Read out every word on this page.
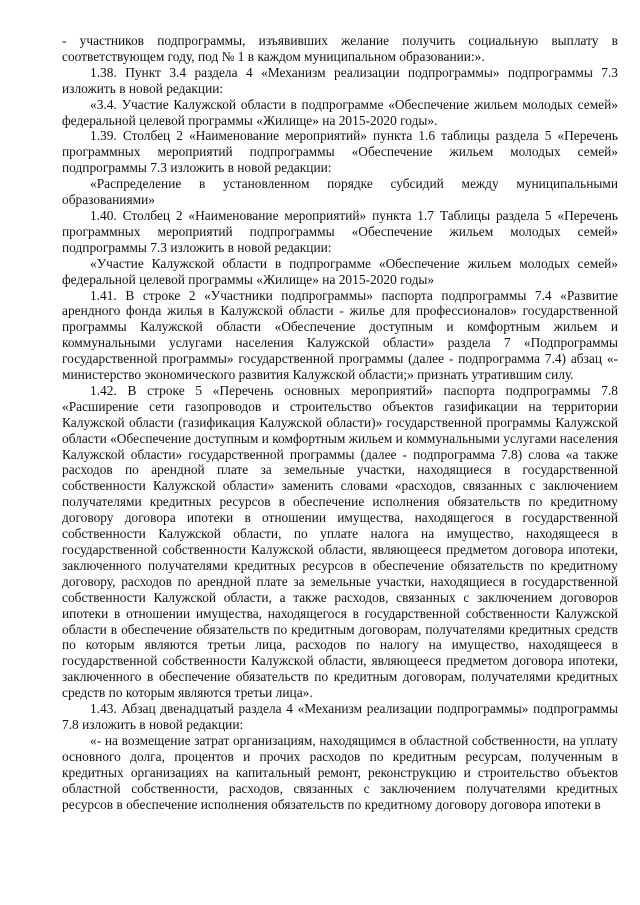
- участников подпрограммы, изъявивших желание получить социальную выплату в соответствующем году, под № 1 в каждом муниципальном образовании:».

1.38. Пункт 3.4 раздела 4 «Механизм реализации подпрограммы» подпрограммы 7.3 изложить в новой редакции:

«3.4. Участие Калужской области в подпрограмме «Обеспечение жильем молодых семей» федеральной целевой программы «Жилище» на 2015-2020 годы».

1.39. Столбец 2 «Наименование мероприятий» пункта 1.6 таблицы раздела 5 «Перечень программных мероприятий подпрограммы «Обеспечение жильем молодых семей» подпрограммы 7.3 изложить в новой редакции:

«Распределение в установленном порядке субсидий между муниципальными образованиями»

1.40. Столбец 2 «Наименование мероприятий» пункта 1.7 Таблицы раздела 5 «Перечень программных мероприятий подпрограммы «Обеспечение жильем молодых семей» подпрограммы 7.3 изложить в новой редакции:

«Участие Калужской области в подпрограмме «Обеспечение жильем молодых семей» федеральной целевой программы «Жилище» на 2015-2020 годы»

1.41. В строке 2 «Участники подпрограммы» паспорта подпрограммы 7.4 «Развитие арендного фонда жилья в Калужской области - жилье для профессионалов» государственной программы Калужской области «Обеспечение доступным и комфортным жильем и коммунальными услугами населения Калужской области» раздела 7 «Подпрограммы государственной программы» государственной программы (далее - подпрограмма 7.4) абзац «- министерство экономического развития Калужской области;» признать утратившим силу.

1.42. В строке 5 «Перечень основных мероприятий» паспорта подпрограммы 7.8 «Расширение сети газопроводов и строительство объектов газификации на территории Калужской области (газификация Калужской области)» государственной программы Калужской области «Обеспечение доступным и комфортным жильем и коммунальными услугами населения Калужской области» государственной программы (далее - подпрограмма 7.8) слова «а также расходов по арендной плате за земельные участки, находящиеся в государственной собственности Калужской области» заменить словами «расходов, связанных с заключением получателями кредитных ресурсов в обеспечение исполнения обязательств по кредитному договору договора ипотеки в отношении имущества, находящегося в государственной собственности Калужской области, по уплате налога на имущество, находящееся в государственной собственности Калужской области, являющееся предметом договора ипотеки, заключенного получателями кредитных ресурсов в обеспечение обязательств по кредитному договору, расходов по арендной плате за земельные участки, находящиеся в государственной собственности Калужской области, а также расходов, связанных с заключением договоров ипотеки в отношении имущества, находящегося в государственной собственности Калужской области в обеспечение обязательств по кредитным договорам, получателями кредитных средств по которым являются третьи лица, расходов по налогу на имущество, находящееся в государственной собственности Калужской области, являющееся предметом договора ипотеки, заключенного в обеспечение обязательств по кредитным договорам, получателями кредитных средств по которым являются третьи лица».

1.43. Абзац двенадцатый раздела 4 «Механизм реализации подпрограммы» подпрограммы 7.8 изложить в новой редакции:

«- на возмещение затрат организациям, находящимся в областной собственности, на уплату основного долга, процентов и прочих расходов по кредитным ресурсам, полученным в кредитных организациях на капитальный ремонт, реконструкцию и строительство объектов областной собственности, расходов, связанных с заключением получателями кредитных ресурсов в обеспечение исполнения обязательств по кредитному договору договора ипотеки в
